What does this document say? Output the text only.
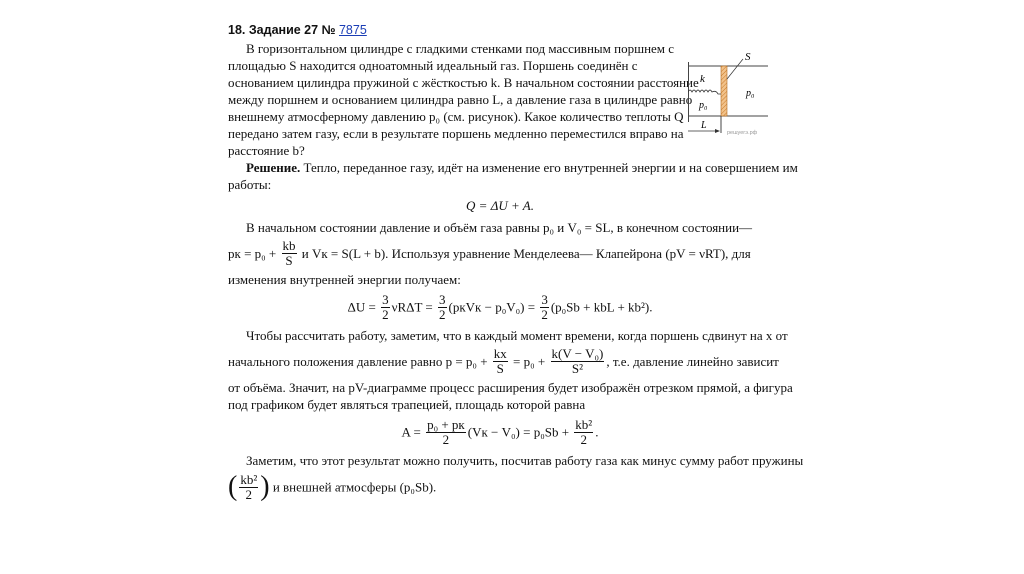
18. Задание 27 № 7875
В горизонтальном цилиндре с гладкими стенками под массивным поршнем с
площадью S находится одноатомный идеальный газ. Поршень соединён с
основанием цилиндра пружиной с жёсткостью k. В начальном состоянии расстояние
между поршнем и основанием цилиндра равно L, а давление газа в цилиндре равно
внешнему атмосферному давлению p₀ (см. рисунок). Какое количество теплоты Q
передано затем газу, если в результате поршень медленно переместился вправо на
расстояние b?
Решение. Тепло, переданное газу, идёт на изменение его внутренней энергии и на совершением им
работы:
Q = ΔU + A.
В начальном состоянии давление и объём газа равны p₀ и V₀ = SL, в конечном состоянии—
pк = $p_0 + \frac{kb}{S}$ и Vк = S(L + b). Используя уравнение Менделеева— Клапейрона (pV = νRT), для
изменения внутренней энергии получаем:
$\Delta U = \frac{3}{2}$ $\nu R\Delta T = \frac{3}{2}$ (pкVк − $p_0V_0) = \frac{3}{2} (p_0Sb$ + kbL + kb²).
Чтобы рассчитать работу, заметим, что в каждый момент времени, когда поршень сдвинут на x от
начального положения давление равно $p = p_0 + \frac{kx}{S} = p_0 + \frac{\text{k(V − V₀)}}{\text{S²}}$ , т.е. давление линейно зависит
от объёма. Значит, на pV-диаграмме процесс расширения будет изображён отрезком прямой, а фигура
под графиком будет являться трапецией, площадь которой равна
$A = \frac{\text{p₀ + pк}}{2} (Vк - V_0) = p_0Sb + \frac{\text{kb²}}{2}$ .
Заметим, что этот результат можно получить, посчитав работу газа как минус сумму работ пружины
( $\frac{\text{kb²}}{2}$ ) и внешней атмосферы (p₀Sb).
S
k
p₀
p₀
L
решуегэ.рф
